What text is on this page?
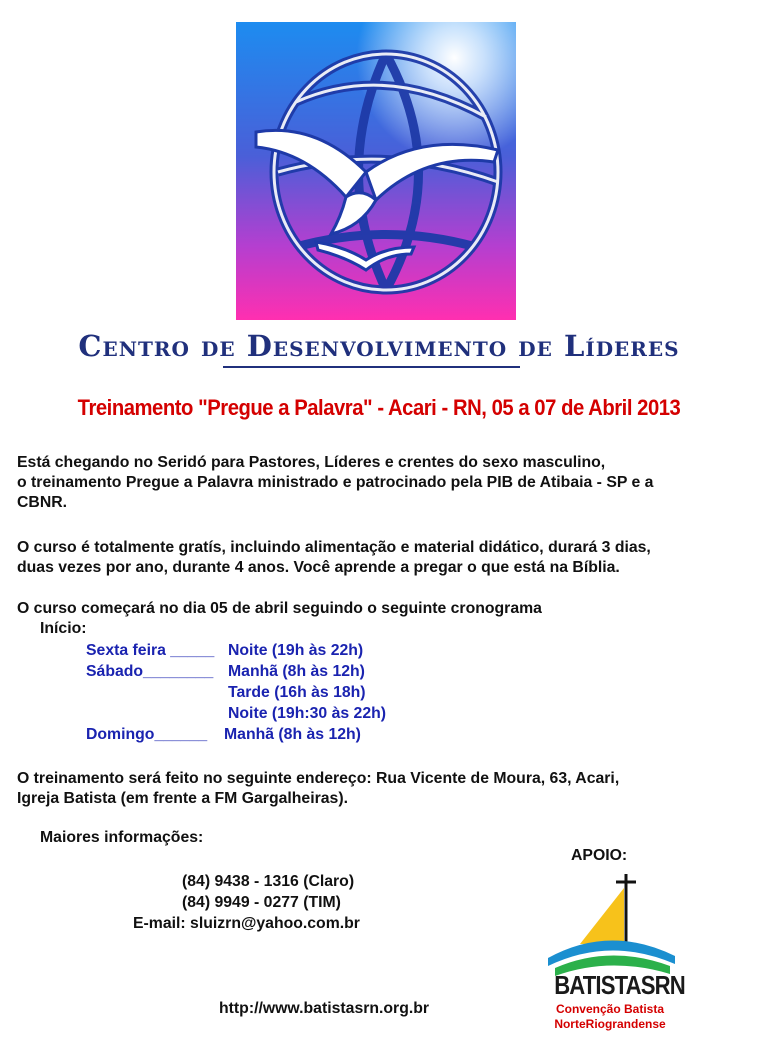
Centro de Desenvolvimento de Líderes
Treinamento "Pregue a Palavra" - Acari - RN, 05 a 07 de Abril 2013
Está chegando no Seridó para Pastores, Líderes e crentes do sexo masculino,
o treinamento Pregue a Palavra ministrado e patrocinado pela PIB de Atibaia - SP e a
CBNR.
O curso é totalmente gratís, incluindo alimentação e material didático, durará 3 dias,
duas vezes por ano, durante 4 anos. Você aprende a pregar o que está na Bíblia.
O curso começará no dia 05 de abril seguindo o seguinte cronograma
Início:
Sexta feira _____ Noite (19h às 22h)
Sábado________ Manhã (8h às 12h)
Tarde (16h às 18h)
Noite (19h:30 às 22h)
Domingo______ Manhã (8h às 12h)
O treinamento será feito no seguinte endereço: Rua Vicente de Moura, 63, Acari,
Igreja Batista (em frente a FM Gargalheiras).
Maiores informações:
(84) 9438 - 1316 (Claro)
(84) 9949 - 0277 (TIM)
E-mail: sluizrn@yahoo.com.br
APOIO:
BATISTASRN
Convenção Batista
NorteRiograndense
http://www.batistasrn.org.br
